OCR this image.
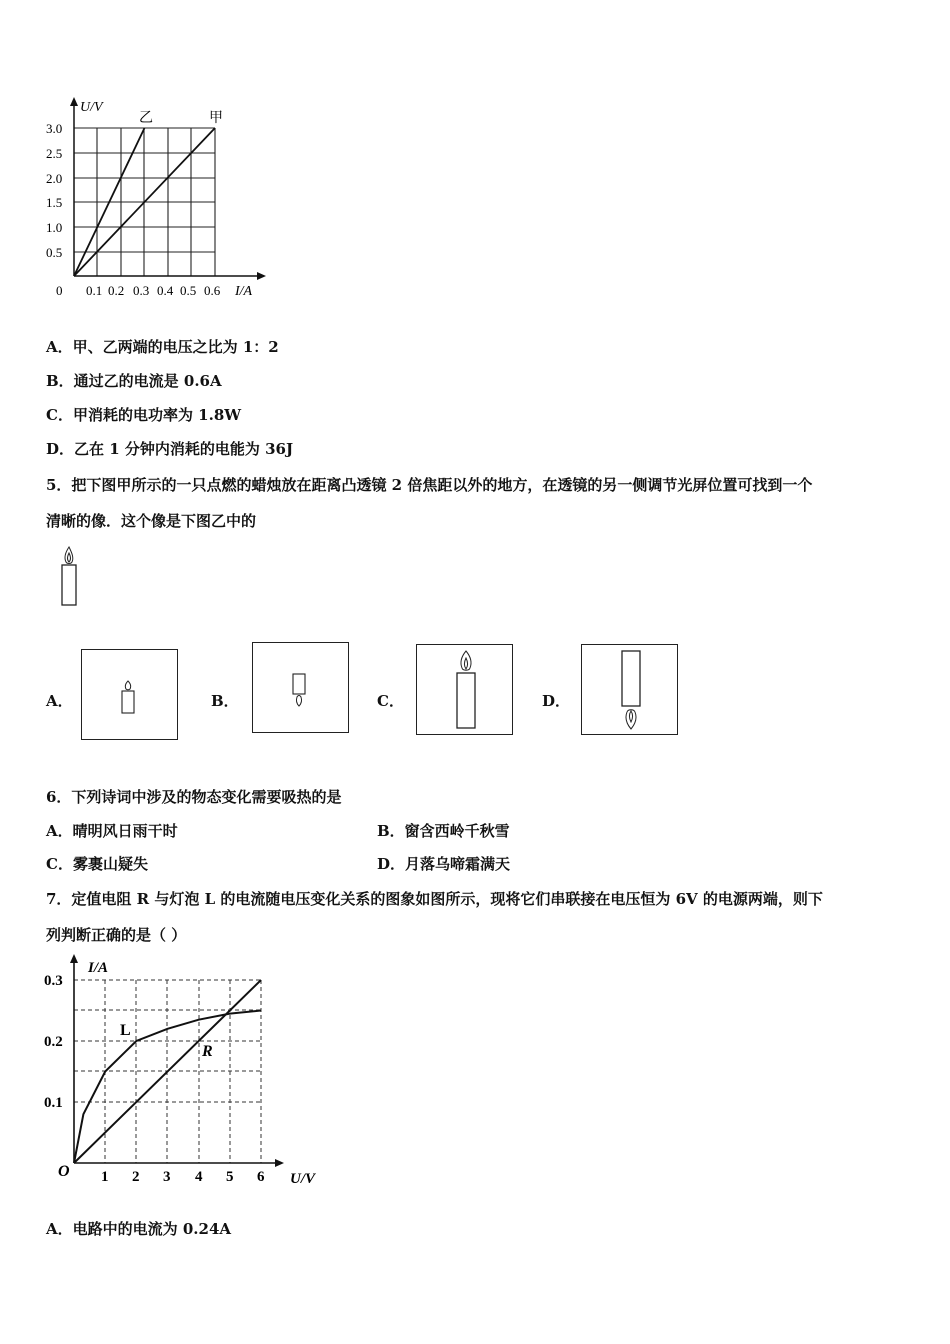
U/V
乙	甲
3.0
2.5
2.0
1.5
1.0
0.5
0 0.1 0.2 0.3 0.4 0.5 0.6 I/A
A．甲、乙两端的电压之比为 1：2
B．通过乙的电流是 0.6A
C．甲消耗的电功率为 1.8W
D．乙在 1 分钟内消耗的电能为 36J
5．把下图甲所示的一只点燃的蜡烛放在距离凸透镜 2 倍焦距以外的地方，在透镜的另一侧调节光屏位置可找到一个
清晰的像．这个像是下图乙中的
A．	B．	C．	D．
6．下列诗词中涉及的物态变化需要吸热的是
A．晴明风日雨干时	B．窗含西岭千秋雪
C．雾裹山疑失	D．月落乌啼霜满天
7．定值电阻 R 与灯泡 L 的电流随电压变化关系的图象如图所示，现将它们串联接在电压恒为 6V 的电源两端，则下
列判断正确的是（ ）
I/A
0.3
0.2
0.1
O 1 2 3 4 5 6 U/V
L
R
A．电路中的电流为 0.24A
